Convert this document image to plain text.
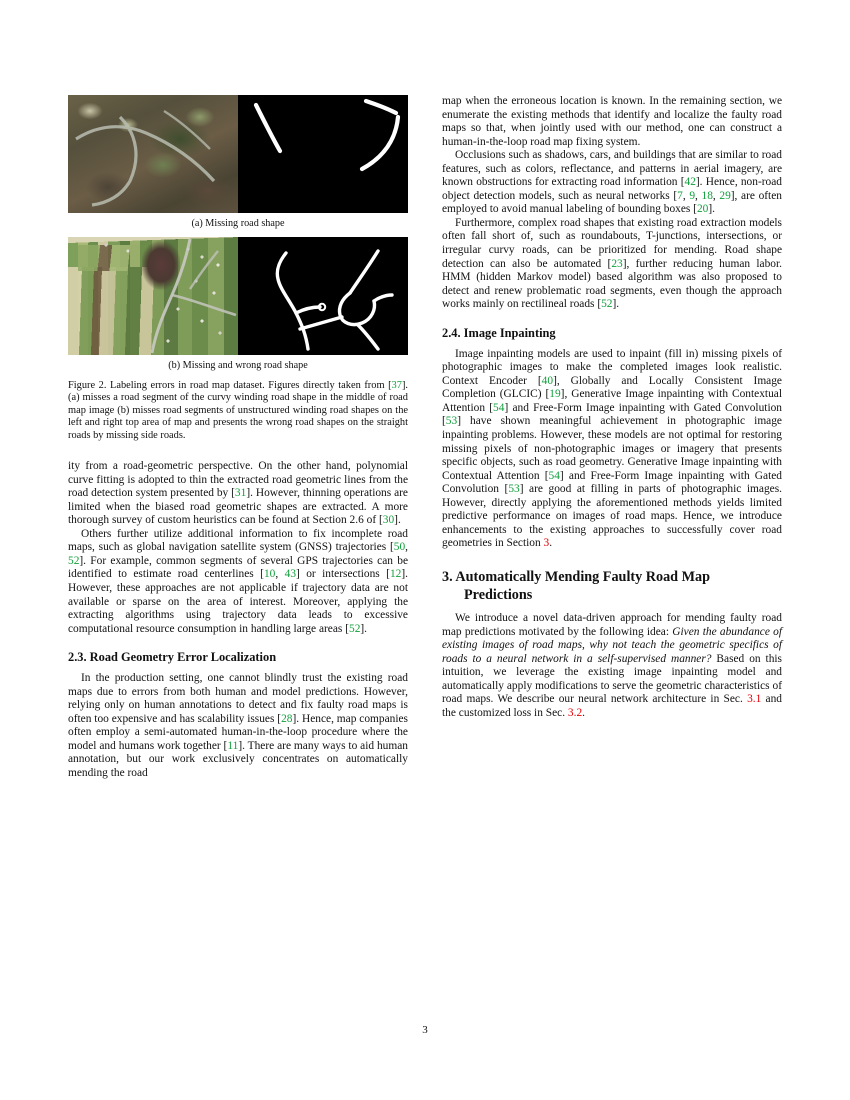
(a) Missing road shape
(b) Missing and wrong road shape

Figure 2. Labeling errors in road map dataset. Figures directly taken from [37]. (a) misses a road segment of the curvy winding road shape in the middle of road map image (b) misses road segments of unstructured winding road shapes on the left and right top area of map and presents the wrong road shapes on the straight roads by missing side roads.

ity from a road-geometric perspective. On the other hand, polynomial curve fitting is adopted to thin the extracted road geometric lines from the road detection system presented by [31]. However, thinning operations are limited when the biased road geometric shapes are extracted. A more thorough survey of custom heuristics can be found at Section 2.6 of [30].

Others further utilize additional information to fix incomplete road maps, such as global navigation satellite system (GNSS) trajectories [50, 52]. For example, common segments of several GPS trajectories can be identified to estimate road centerlines [10, 43] or intersections [12]. However, these approaches are not applicable if trajectory data are not available or sparse on the area of interest. Moreover, applying the extracting algorithms using trajectory data leads to excessive computational resource consumption in handling large areas [52].

2.3. Road Geometry Error Localization

In the production setting, one cannot blindly trust the existing road maps due to errors from both human and model predictions. However, relying only on human annotations to detect and fix faulty road maps is often too expensive and has scalability issues [28]. Hence, map companies often employ a semi-automated human-in-the-loop procedure where the model and humans work together [11]. There are many ways to aid human annotation, but our work exclusively concentrates on automatically mending the road

map when the erroneous location is known. In the remaining section, we enumerate the existing methods that identify and localize the faulty road maps so that, when jointly used with our method, one can construct a human-in-the-loop road map fixing system.

Occlusions such as shadows, cars, and buildings that are similar to road features, such as colors, reflectance, and patterns in aerial imagery, are known obstructions for extracting road information [42]. Hence, non-road object detection models, such as neural networks [7, 9, 18, 29], are often employed to avoid manual labeling of bounding boxes [20].

Furthermore, complex road shapes that existing road extraction models often fall short of, such as roundabouts, T-junctions, intersections, or irregular curvy roads, can be prioritized for mending. Road shape detection can also be automated [23], further reducing human labor. HMM (hidden Markov model) based algorithm was also proposed to detect and renew problematic road segments, even though the approach works mainly on rectilineal roads [52].

2.4. Image Inpainting

Image inpainting models are used to inpaint (fill in) missing pixels of photographic images to make the completed images look realistic. Context Encoder [40], Globally and Locally Consistent Image Completion (GLCIC) [19], Generative Image inpainting with Contextual Attention [54] and Free-Form Image inpainting with Gated Convolution [53] have shown meaningful achievement in photographic image inpainting problems. However, these models are not optimal for restoring missing pixels of non-photographic images or imagery that presents specific objects, such as road geometry. Generative Image inpainting with Contextual Attention [54] and Free-Form Image inpainting with Gated Convolution [53] are good at filling in parts of photographic images. However, directly applying the aforementioned methods yields limited predictive performance on images of road maps. Hence, we introduce enhancements to the existing approaches to successfully cover road geometries in Section 3.

3. Automatically Mending Faulty Road Map
Predictions

We introduce a novel data-driven approach for mending faulty road map predictions motivated by the following idea: Given the abundance of existing images of road maps, why not teach the geometric specifics of roads to a neural network in a self-supervised manner? Based on this intuition, we leverage the existing image inpainting model and automatically apply modifications to serve the geometric characteristics of road maps. We describe our neural network architecture in Sec. 3.1 and the customized loss in Sec. 3.2.

3
